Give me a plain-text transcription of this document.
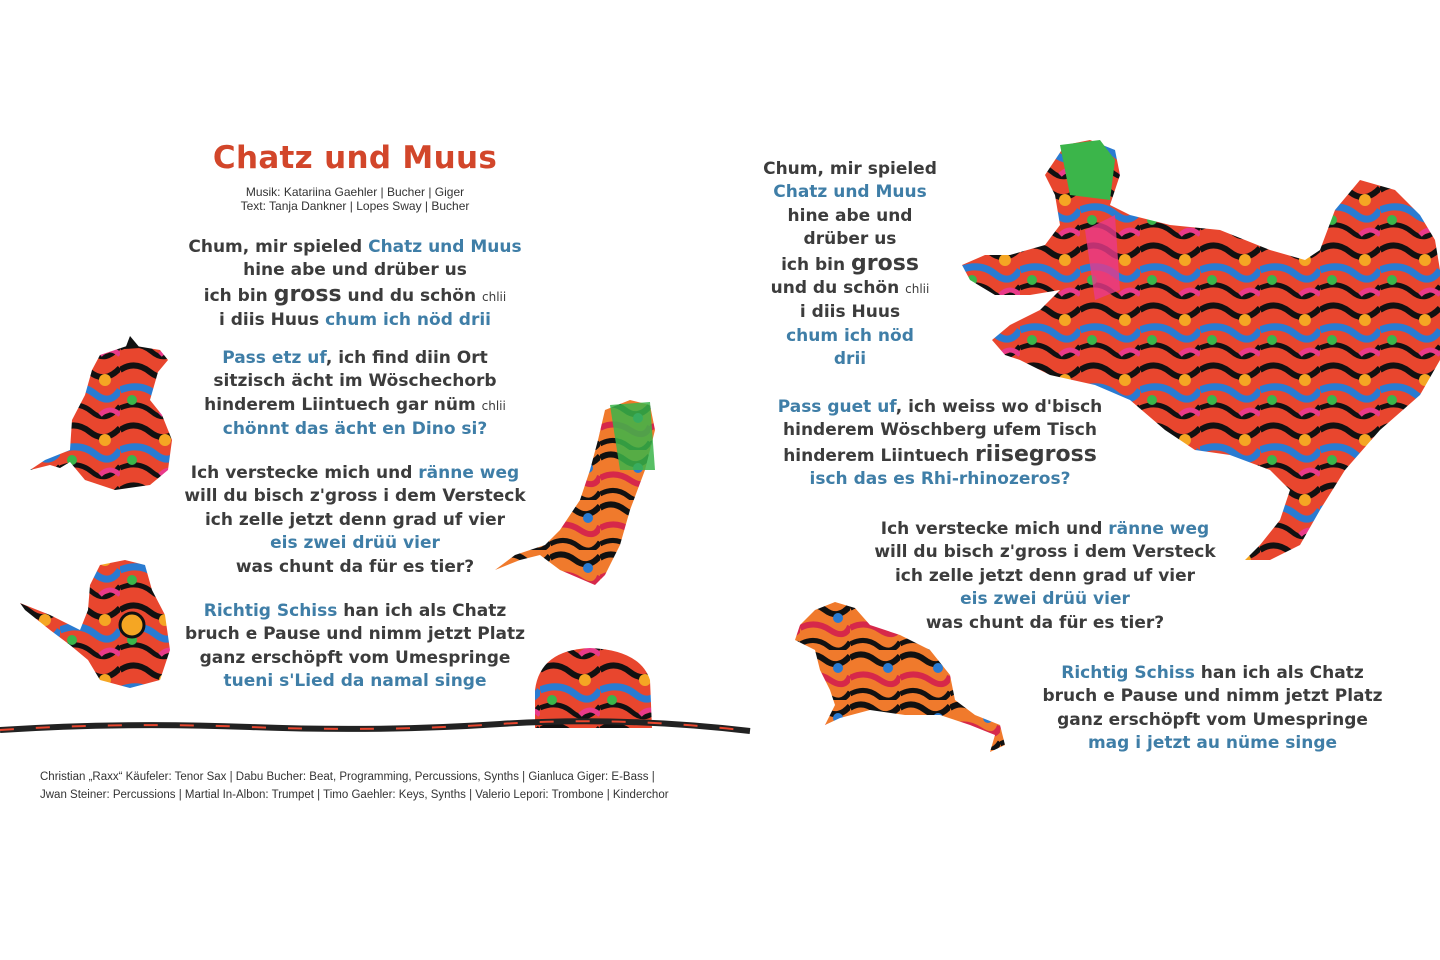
Chatz und Muus
Musik: Katariina Gaehler | Bucher | Giger
Text: Tanja Dankner | Lopes Sway | Bucher
Chum, mir spieled Chatz und Muus
hine abe und drüber us
ich bin gross und du schön chlii
i diis Huus chum ich nöd drii
Pass etz uf, ich find diin Ort
sitzisch ächt im Wöschechorb
hinderem Liintuech gar nüm chlii
chönnt das ächt en Dino si?
Ich verstecke mich und ränne weg
will du bisch z'gross i dem Versteck
ich zelle jetzt denn grad uf vier
eis zwei drüü vier
was chunt da für es tier?
Richtig Schiss han ich als Chatz
bruch e Pause und nimm jetzt Platz
ganz erschöpft vom Umespringe
tueni s'Lied da namal singe
Christian „Raxx“ Käufeler: Tenor Sax | Dabu Bucher: Beat, Programming, Percussions, Synths | Gianluca Giger: E-Bass |
Jwan Steiner: Percussions | Martial In-Albon: Trumpet | Timo Gaehler: Keys, Synths | Valerio Lepori: Trombone | Kinderchor
Chum, mir spieled
Chatz und Muus
hine abe und
drüber us
ich bin gross
und du schön chlii
i diis Huus
chum ich nöd
drii
Pass guet uf, ich weiss wo d'bisch
hinderem Wöschberg ufem Tisch
hinderem Liintuech riisegross
isch das es Rhi-rhinozeros?
Ich verstecke mich und ränne weg
will du bisch z'gross i dem Versteck
ich zelle jetzt denn grad uf vier
eis zwei drüü vier
was chunt da für es tier?
Richtig Schiss han ich als Chatz
bruch e Pause und nimm jetzt Platz
ganz erschöpft vom Umespringe
mag i jetzt au nüme singe
